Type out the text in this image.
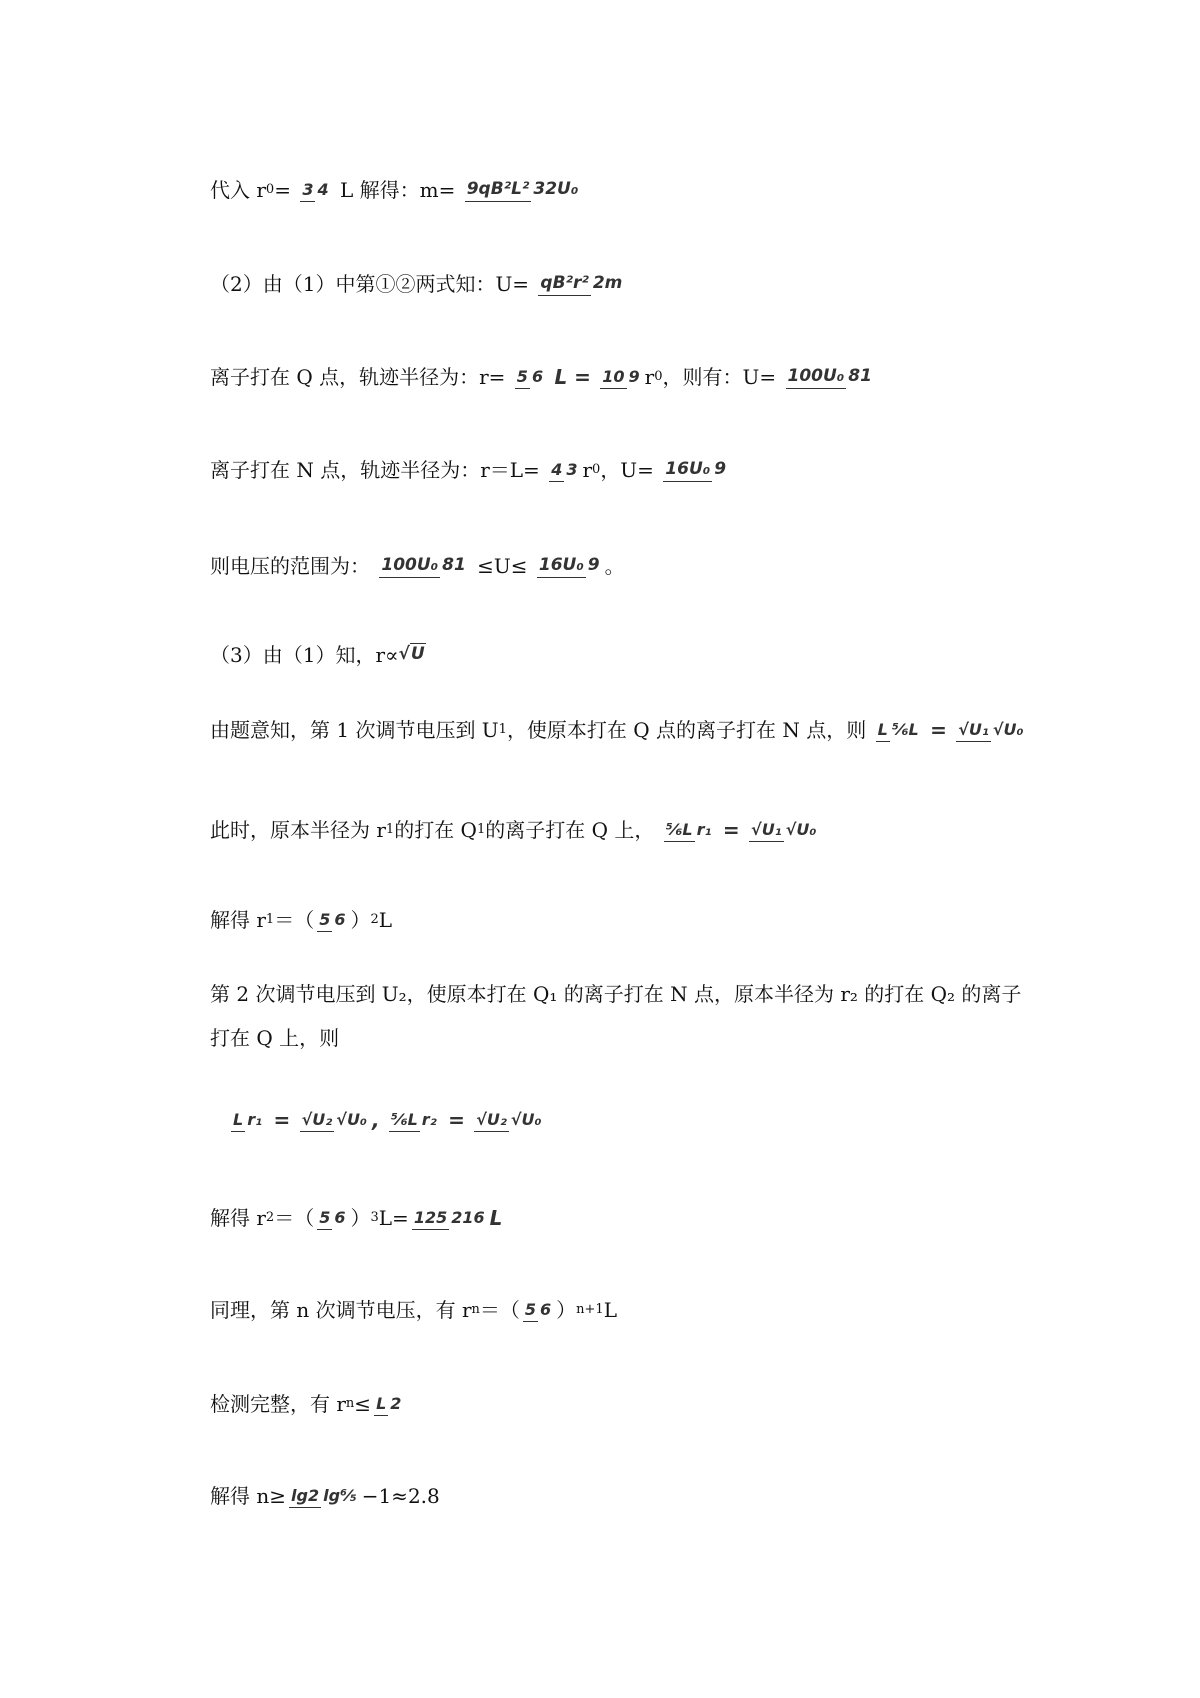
代入 r0= 3 4 L 解得：m= 9qB²L² 32U₀
（2）由（1）中第①②两式知：U= qB²r² 2m
离子打在 Q 点，轨迹半径为：r= 5 6 L = 10 9 r0，则有：U= 100U₀ 81
离子打在 N 点，轨迹半径为：r＝L= 4 3 r0，U= 16U₀ 9
则电压的范围为： 100U₀ 81 ≤U≤ 16U₀ 9 。
（3）由（1）知，r∝√U
由题意知，第 1 次调节电压到 U1，使原本打在 Q 点的离子打在 N 点，则 L ⁵⁄₆L = √U₁ √U₀
此时，原本半径为 r1的打在 Q1的离子打在 Q 上， ⁵⁄₆L r₁ = √U₁ √U₀
解得 r1＝（ 5 6 ）2L
第 2 次调节电压到 U₂，使原本打在 Q₁ 的离子打在 N 点，原本半径为 r₂ 的打在 Q₂ 的离子打在 Q 上，则
L r₁ = √U₂ √U₀ , ⁵⁄₆L r₂ = √U₂ √U₀
解得 r2＝（ 5 6 ）3L= 125 216 L
同理，第 n 次调节电压，有 rn＝（ 5 6 ）n+1L
检测完整，有 rn≤ L 2
解得 n≥ lg2 lg⁶⁄₅ −1≈2.8
